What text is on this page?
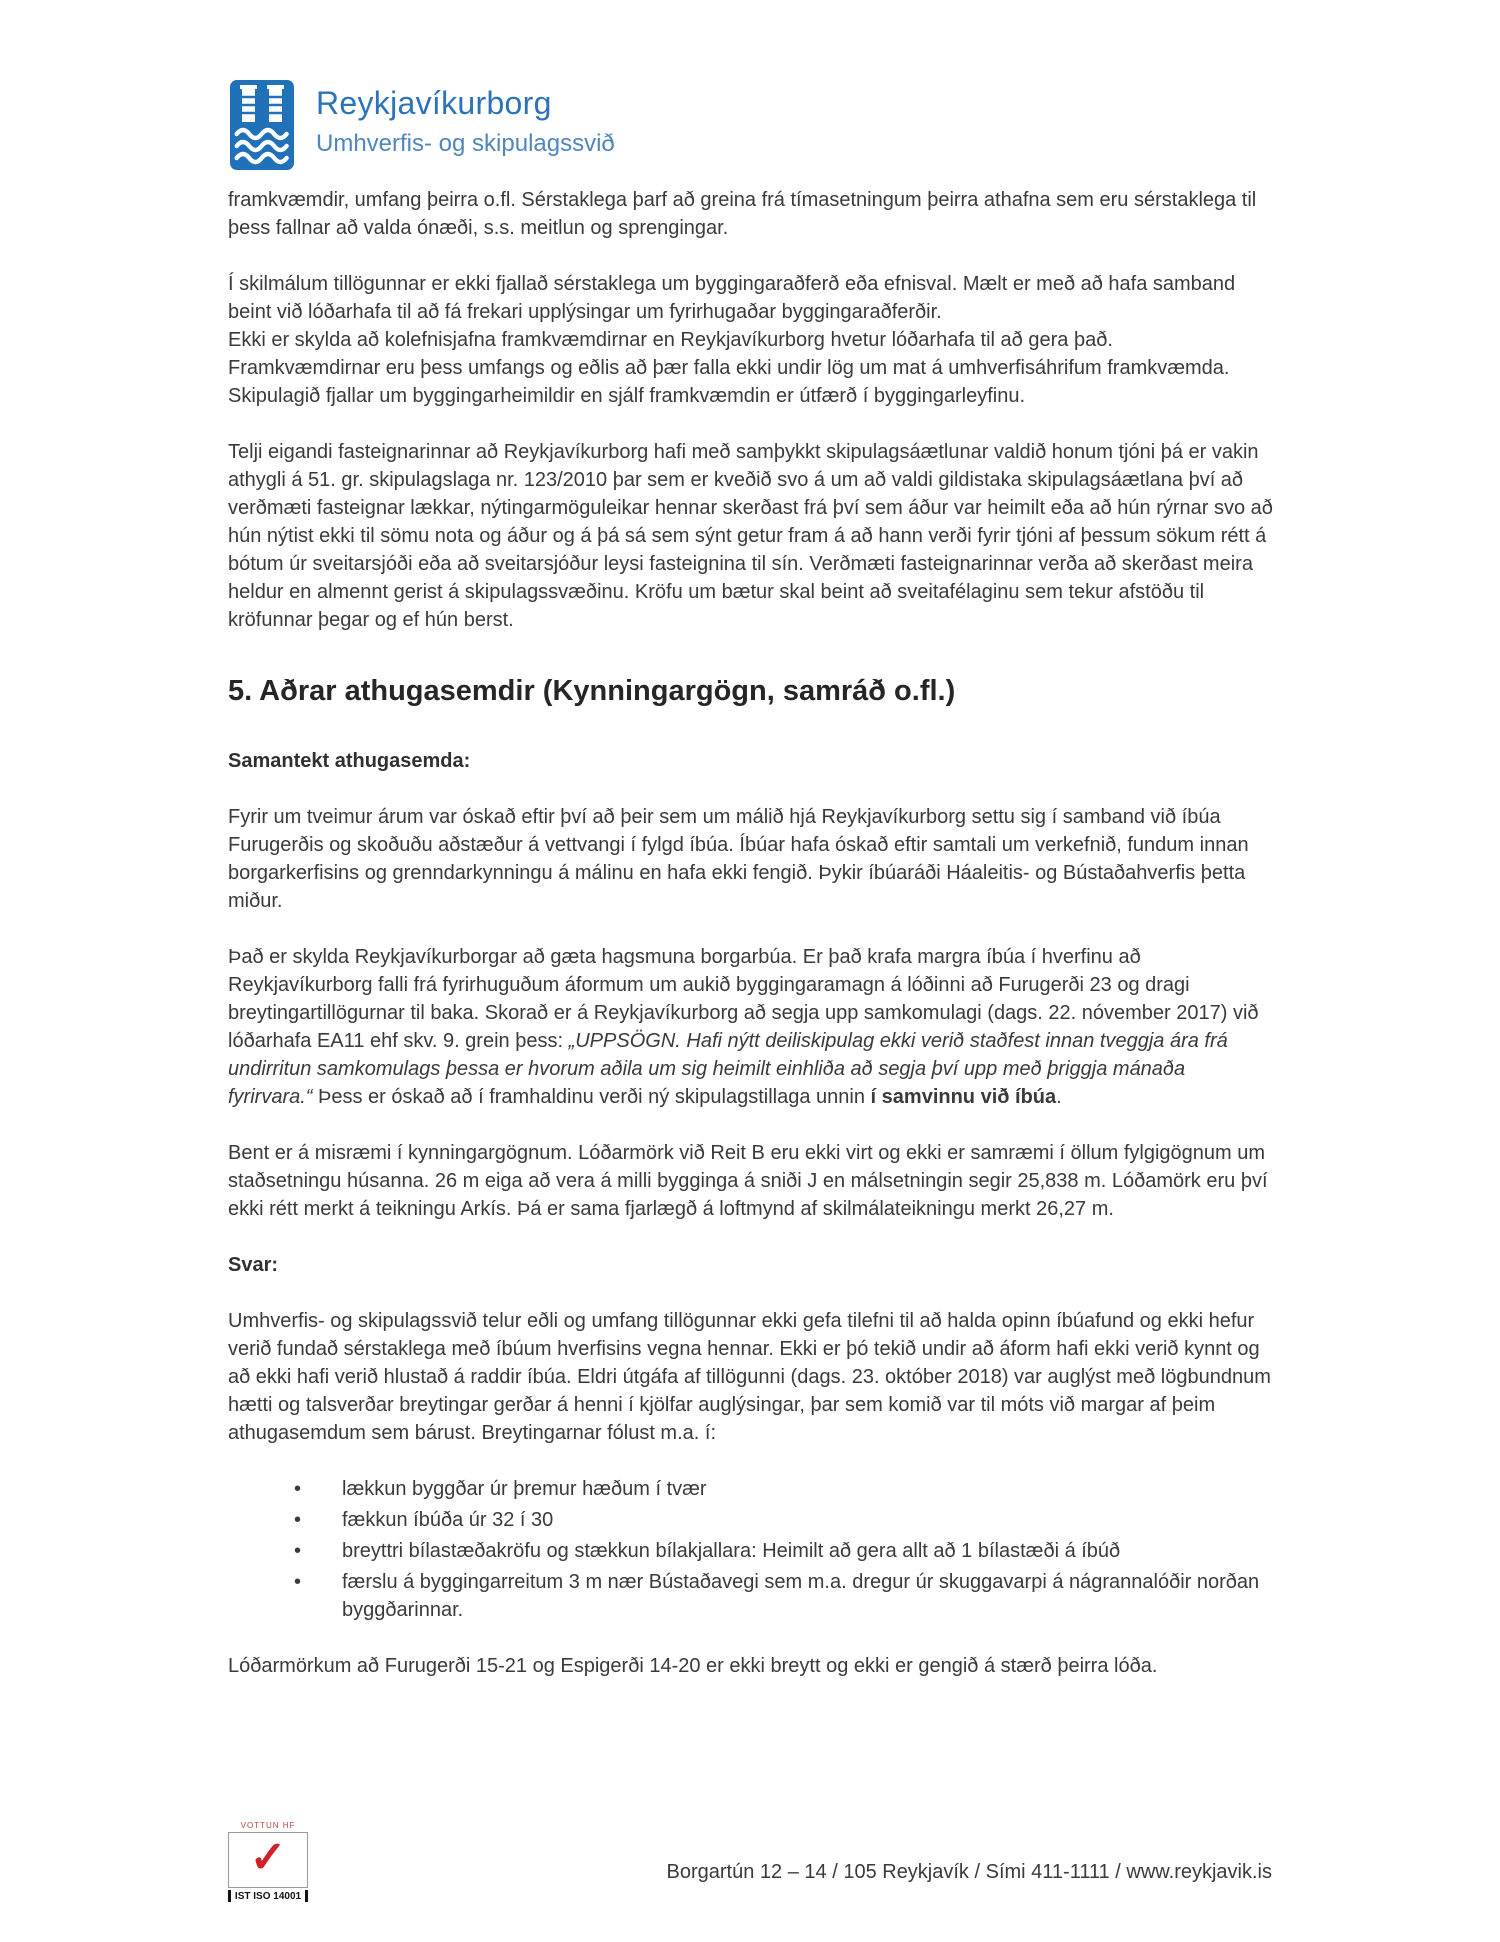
Reykjavíkurborg
Umhverfis- og skipulagssvið

framkvæmdir, umfang þeirra o.fl. Sérstaklega þarf að greina frá tímasetningum þeirra athafna sem eru sérstaklega til þess fallnar að valda ónæði, s.s. meitlun og sprengingar.

Í skilmálum tillögunnar er ekki fjallað sérstaklega um byggingaraðferð eða efnisval. Mælt er með að hafa samband beint við lóðarhafa til að fá frekari upplýsingar um fyrirhugaðar byggingaraðferðir.
Ekki er skylda að kolefnisjafna framkvæmdirnar en Reykjavíkurborg hvetur lóðarhafa til að gera það.
Framkvæmdirnar eru þess umfangs og eðlis að þær falla ekki undir lög um mat á umhverfisáhrifum framkvæmda. Skipulagið fjallar um byggingarheimildir en sjálf framkvæmdin er útfærð í byggingarleyfinu.

Telji eigandi fasteignarinnar að Reykjavíkurborg hafi með samþykkt skipulagsáætlunar valdið honum tjóni þá er vakin athygli á 51. gr. skipulagslaga nr. 123/2010 þar sem er kveðið svo á um að valdi gildistaka skipulagsáætlana því að verðmæti fasteignar lækkar, nýtingarmöguleikar hennar skerðast frá því sem áður var heimilt eða að hún rýrnar svo að hún nýtist ekki til sömu nota og áður og á þá sá sem sýnt getur fram á að hann verði fyrir tjóni af þessum sökum rétt á bótum úr sveitarsjóði eða að sveitarsjóður leysi fasteignina til sín. Verðmæti fasteignarinnar verða að skerðast meira heldur en almennt gerist á skipulagssvæðinu. Kröfu um bætur skal beint að sveitafélaginu sem tekur afstöðu til kröfunnar þegar og ef hún berst.

5. Aðrar athugasemdir (Kynningargögn, samráð o.fl.)
Samantekt athugasemda:

Fyrir um tveimur árum var óskað eftir því að þeir sem um málið hjá Reykjavíkurborg settu sig í samband við íbúa Furugerðis og skoðuðu aðstæður á vettvangi í fylgd íbúa. Íbúar hafa óskað eftir samtali um verkefnið, fundum innan borgarkerfisins og grenndarkynningu á málinu en hafa ekki fengið. Þykir íbúaráði Háaleitis- og Bústaðahverfis þetta miður.

Það er skylda Reykjavíkurborgar að gæta hagsmuna borgarbúa. Er það krafa margra íbúa í hverfinu að Reykjavíkurborg falli frá fyrirhuguðum áformum um aukið byggingaramagn á lóðinni að Furugerði 23 og dragi breytingartillögurnar til baka. Skorað er á Reykjavíkurborg að segja upp samkomulagi (dags. 22. nóvember 2017) við lóðarhafa EA11 ehf skv. 9. grein þess: „UPPSÖGN. Hafi nýtt deiliskipulag ekki verið staðfest innan tveggja ára frá undirritun samkomulags þessa er hvorum aðila um sig heimilt einhliða að segja því upp með þriggja mánaða fyrirvara.“ Þess er óskað að í framhaldinu verði ný skipulagstillaga unnin í samvinnu við íbúa.

Bent er á misræmi í kynningargögnum. Lóðarmörk við Reit B eru ekki virt og ekki er samræmi í öllum fylgigögnum um staðsetningu húsanna. 26 m eiga að vera á milli bygginga á sniði J en málsetningin segir 25,838 m. Lóðamörk eru því ekki rétt merkt á teikningu Arkís. Þá er sama fjarlægð á loftmynd af skilmálateikningu merkt 26,27 m.

Svar:

Umhverfis- og skipulagssvið telur eðli og umfang tillögunnar ekki gefa tilefni til að halda opinn íbúafund og ekki hefur verið fundað sérstaklega með íbúum hverfisins vegna hennar. Ekki er þó tekið undir að áform hafi ekki verið kynnt og að ekki hafi verið hlustað á raddir íbúa. Eldri útgáfa af tillögunni (dags. 23. október 2018) var auglýst með lögbundnum hætti og talsverðar breytingar gerðar á henni í kjölfar auglýsingar, þar sem komið var til móts við margar af þeim athugasemdum sem bárust. Breytingarnar fólust m.a. í:

• lækkun byggðar úr þremur hæðum í tvær
• fækkun íbúða úr 32 í 30
• breyttri bílastæðakröfu og stækkun bílakjallara: Heimilt að gera allt að 1 bílastæði á íbúð
• færslu á byggingarreitum 3 m nær Bústaðavegi sem m.a. dregur úr skuggavarpi á nágrannalóðir norðan byggðarinnar.

Lóðarmörkum að Furugerði 15-21 og Espigerði 14-20 er ekki breytt og ekki er gengið á stærð þeirra lóða.

VOTTUN HF
✓
IST ISO 14001
Borgartún 12 – 14 / 105 Reykjavík / Sími 411-1111 / www.reykjavik.is
